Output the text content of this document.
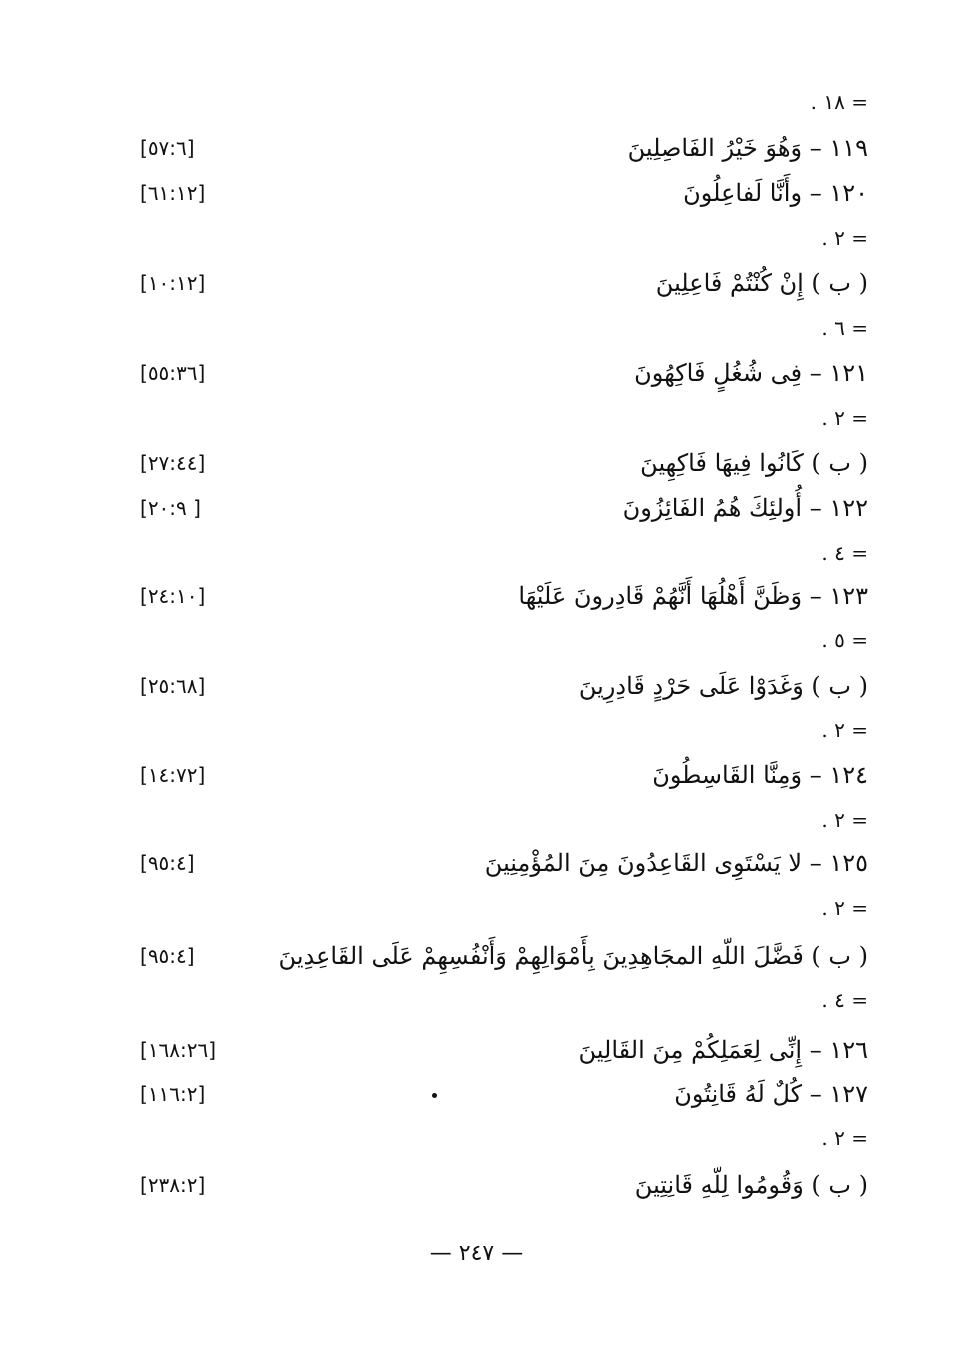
= ١٨ .
١١٩ – وَهُوَ خَيْرُ الفَاصِلِينَ
[٥٧:٦]
١٢٠ – وأَنَّا لَفاعِلُونَ
[٦١:١٢]
= ٢ .
( ب ) إِنْ كُنْتُمْ فَاعِلِينَ
[١٠:١٢]
= ٦ .
١٢١ – فِى شُغُلٍ فَاكِهُونَ
[٥٥:٣٦]
= ٢ .
( ب ) كَانُوا فِيهَا فَاكِهِينَ
[٢٧:٤٤]
١٢٢ – أُولئِكَ هُمُ الفَائِزُونَ
[٢٠:٩ ]
= ٤ .
١٢٣ – وَظَنَّ أَهْلُهَا أَنَّهُمْ قَادِرونَ عَلَيْهَا
[٢٤:١٠]
= ٥ .
( ب ) وَغَدَوْا عَلَى حَرْدٍ قَادِرِينَ
[٢٥:٦٨]
= ٢ .
١٢٤ – وَمِنَّا القَاسِطُونَ
[١٤:٧٢]
= ٢ .
١٢٥ – لا يَسْتَوِى القَاعِدُونَ مِنَ المُؤْمِنِينَ
[٩٥:٤]
= ٢ .
( ب ) فَضَّلَ اللّهِ المجَاهِدِينَ بِأَمْوَالِهِمْ وَأَنْفُسِهِمْ عَلَى القَاعِدِينَ
[٩٥:٤]
= ٤ .
١٢٦ – إِنِّى لِعَمَلِكُمْ مِنَ القَالِينَ
[١٦٨:٢٦]
١٢٧ – كُلٌ لَهُ قَانِتُونَ
[١١٦:٢]
= ٢ .
( ب ) وَقُومُوا لِلّهِ قَانِتِينَ
[٢٣٨:٢]
— ٢٤٧ —
